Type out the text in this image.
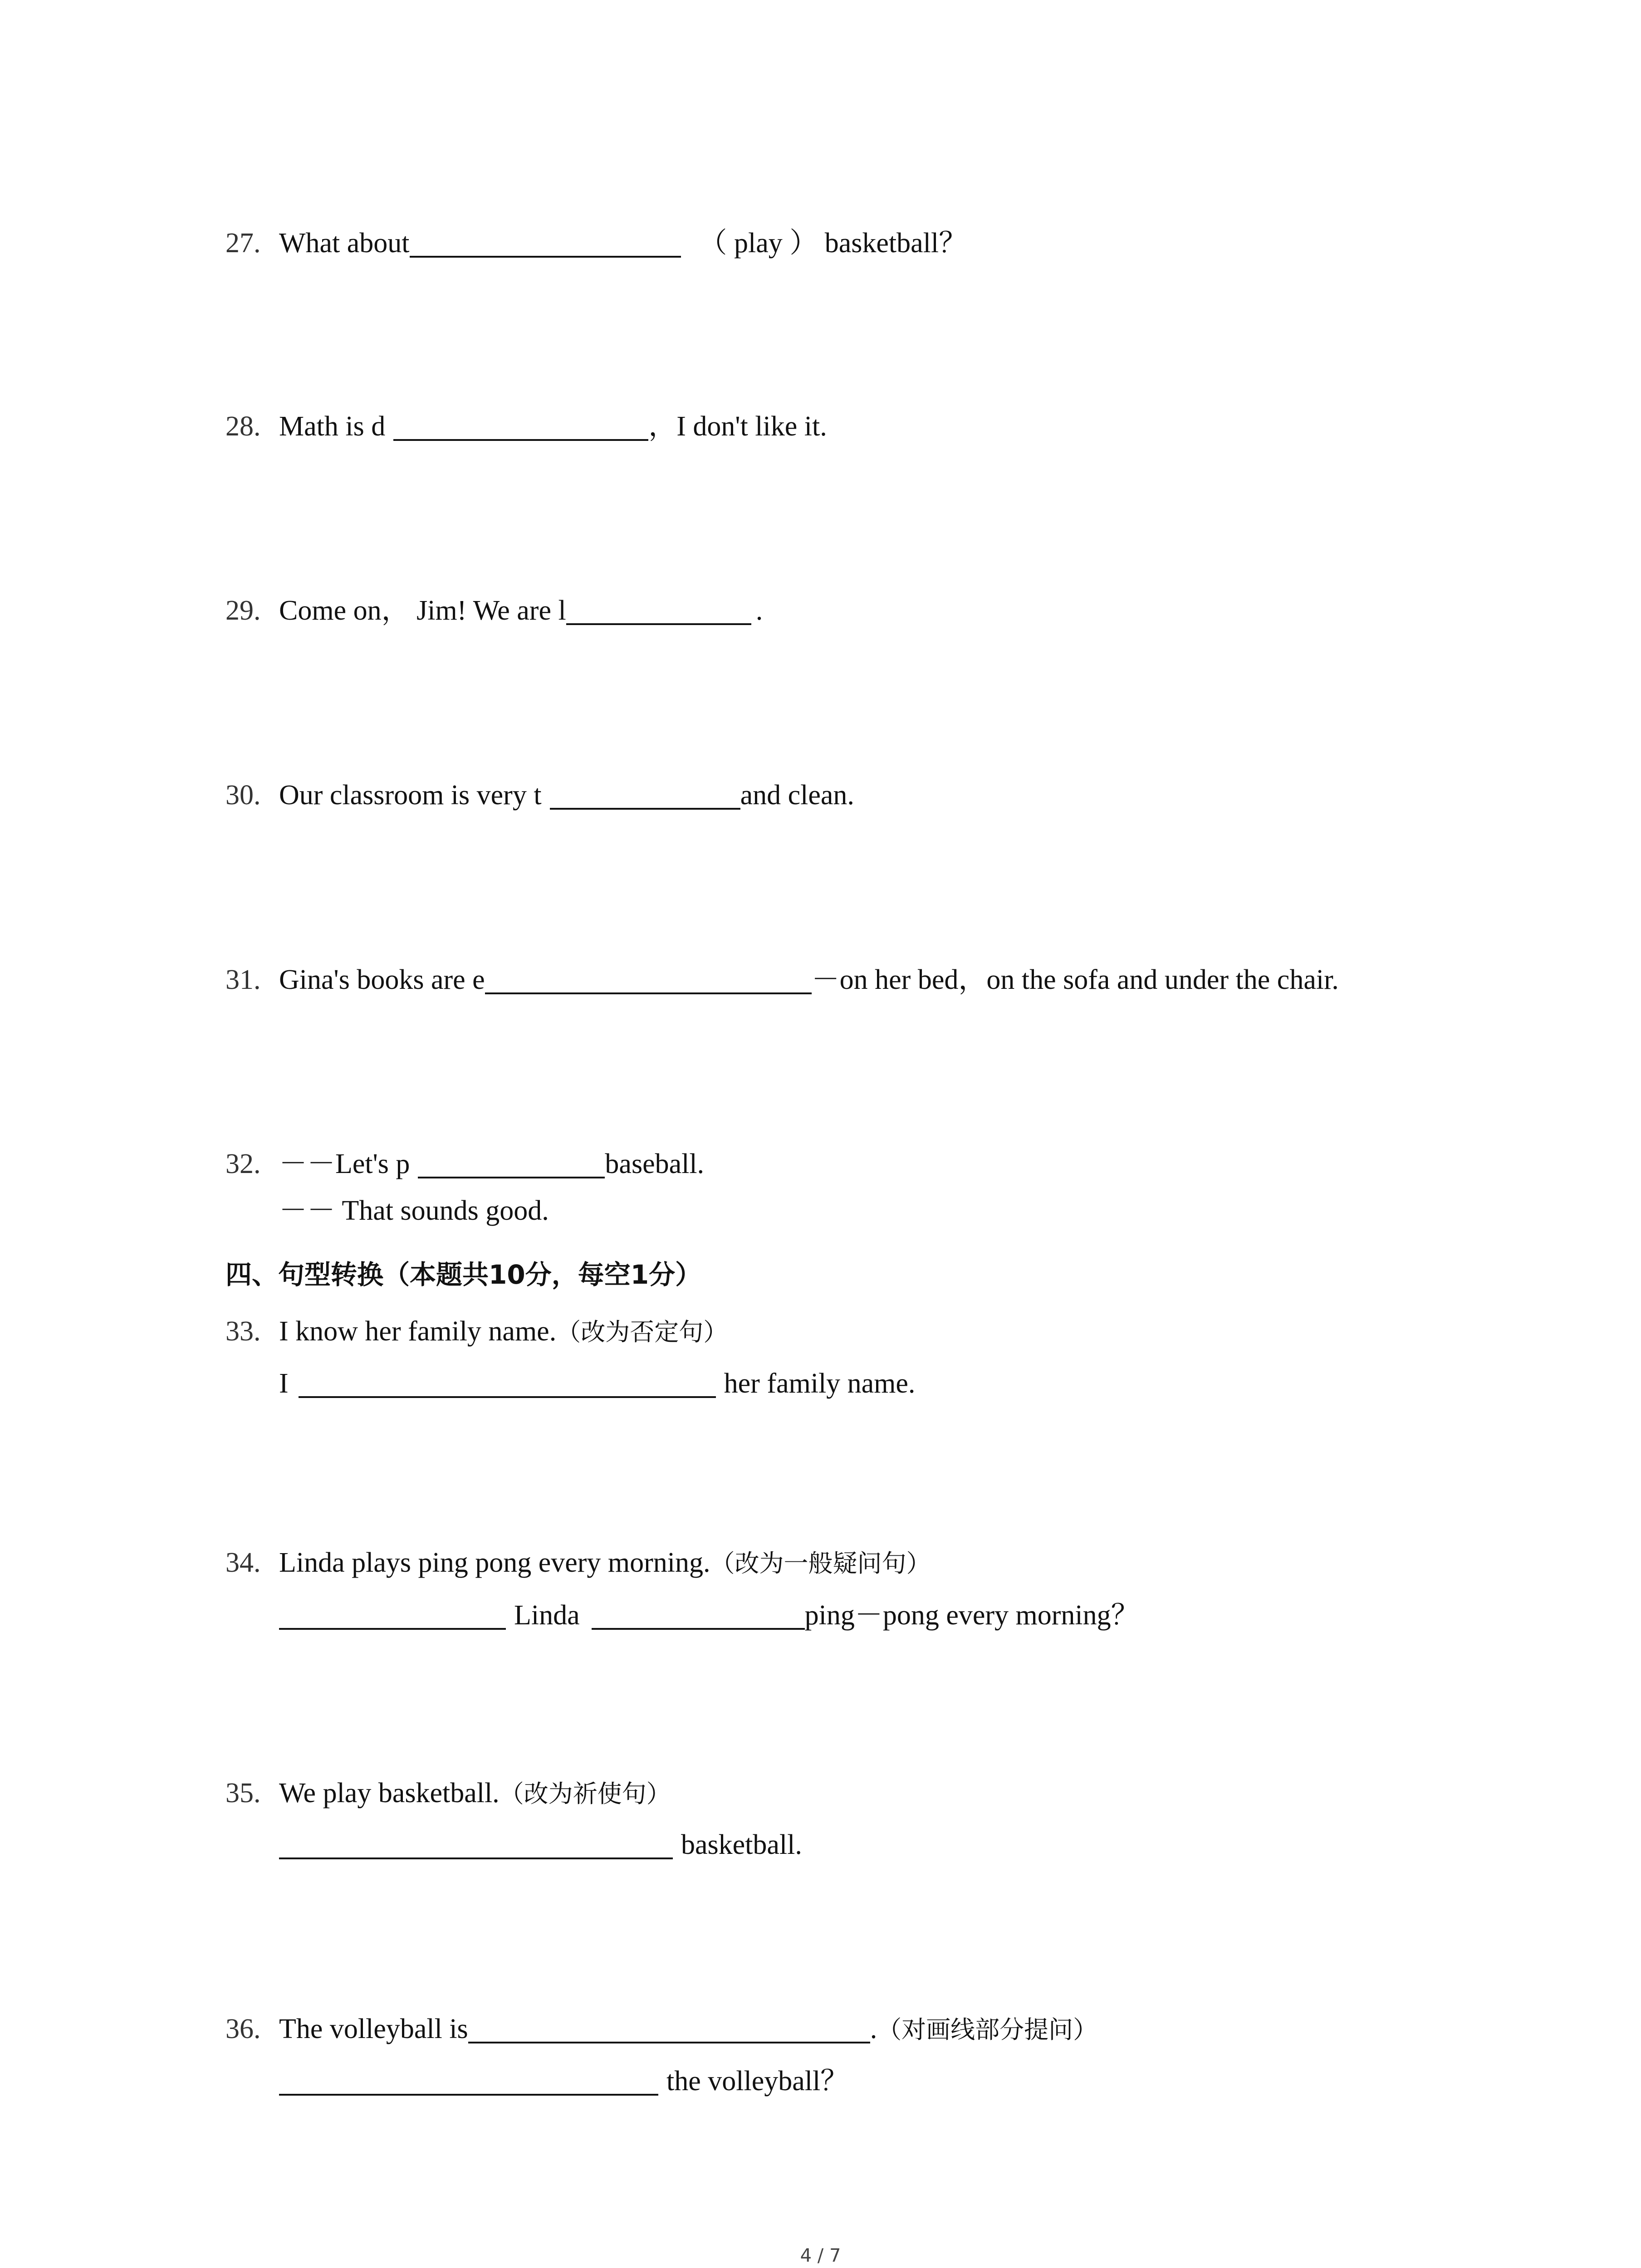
27. What about	（ play ） basketball？
28. Math is d	，I don't like it.
29. Come on， Jim! We are l	.
30. Our classroom is very t	and clean.
31. Gina's books are e	－on her bed，on the sofa and under the chair.
32. －－Let's p	baseball.
－－ That sounds good.
四、句型转换（本题共10分，每空1分）
33. I know her family name.（改为否定句）
I	her family name.
34. Linda plays ping pong every morning.（改为一般疑问句）
Linda	ping－pong every morning？
35. We play basketball.（改为祈使句）
basketball.
36. The volleyball is	.（对画线部分提问）
the volleyball？
4 / 7
